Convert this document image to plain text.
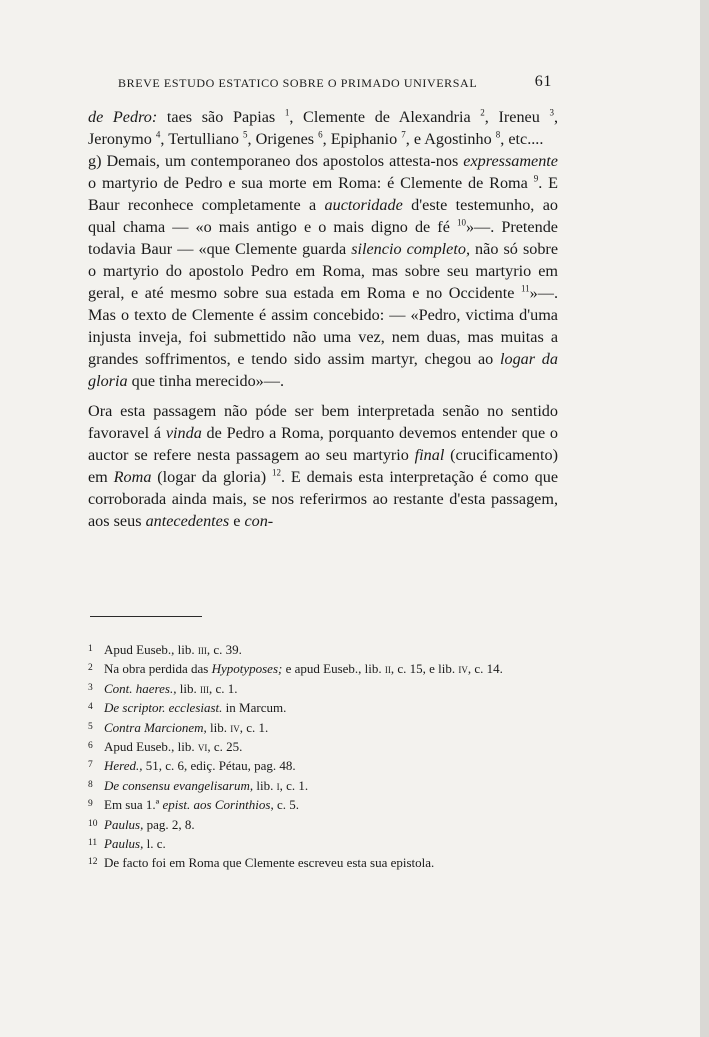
BREVE ESTUDO ESTATICO SOBRE O PRIMADO UNIVERSAL	61

de Pedro: taes são Papias $^1$, Clemente de Alexandria $^2$, Ireneu $^3$, Jeronymo $^4$, Tertulliano $^5$, Origenes $^6$, Epiphanio $^7$, e Agostinho $^8$, etc....

g) Demais, um contemporaneo dos apostolos attesta-nos expressamente o martyrio de Pedro e sua morte em Roma: é Clemente de Roma $^9$. E Baur reconhece completamente a auctoridade d'este testemunho, ao qual chama — «o mais antigo e o mais digno de fé $^{10}$»—. Pretende todavia Baur — «que Clemente guarda silencio completo, não só sobre o martyrio do apostolo Pedro em Roma, mas sobre seu martyrio em geral, e até mesmo sobre sua estada em Roma e no Occidente $^{11}$»—. Mas o texto de Clemente é assim concebido: — «Pedro, victima d'uma injusta inveja, foi submettido não uma vez, nem duas, mas muitas a grandes soffrimentos, e tendo sido assim martyr, chegou ao logar da gloria que tinha merecido»—.

Ora esta passagem não póde ser bem interpretada senão no sentido favoravel á vinda de Pedro a Roma, porquanto devemos entender que o auctor se refere nesta passagem ao seu martyrio final (crucificamento) em Roma (logar da gloria) $^{12}$. E demais esta interpretação é como que corroborada ainda mais, se nos referirmos ao restante d'esta passagem, aos seus antecedentes e con-

1 Apud Euseb., lib. iii, c. 39.

2 Na obra perdida das Hypotyposes; e apud Euseb., lib. ii, c. 15, e lib. iv, c. 14.

3 Cont. haeres., lib. iii, c. 1.

4 De scriptor. ecclesiast. in Marcum.

5 Contra Marcionem, lib. iv, c. 1.

6 Apud Euseb., lib. vi, c. 25.

7 Hered., 51, c. 6, ediç. Pétau, pag. 48.

8 De consensu evangelisarum, lib. i, c. 1.

9 Em sua 1.ª epist. aos Corinthios, c. 5.

10 Paulus, pag. 2, 8.

11 Paulus, l. c.

12 De facto foi em Roma que Clemente escreveu esta sua epistola.
